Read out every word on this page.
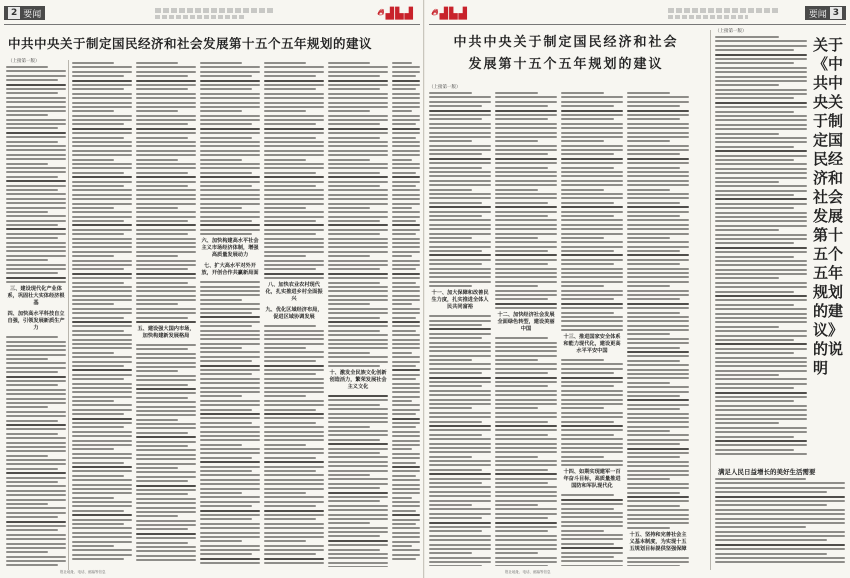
2 要闻	🔥︎ ▟▙▟
中共中央关于制定国民经济和社会发展第十五个五年规划的建议
（上接第一版）
三、建设现代化产业体系，巩固壮大实体经济根基
四、加快高水平科技自立自强，引领发展新质生产力	五、建设强大国内市场，加快构建新发展格局
六、加快构建高水平社会主义市场经济体制，增强高质量发展动力
七、扩大高水平对外开放，开创合作共赢新局面
八、加快农业农村现代化，扎实推进乡村全面振兴
九、优化区域经济布局，促进区域协调发展
十、激发全民族文化创新创造活力，繁荣发展社会主义文化
报社地址、电话、邮编等信息
🔥︎ ▟▙▟	要闻 3
中共中央关于制定国民经济和社会
发展第十五个五年规划的建议
（上接第一版）
（上接第一版）
十一、加大保障和改善民生力度，扎实推进全体人民共同富裕
十二、加快经济社会发展全面绿色转型，建设美丽中国
十三、推进国家安全体系和能力现代化，建设更高水平平安中国
十四、如期实现建军一百年奋斗目标，高质量推进国防和军队现代化
十五、坚持和完善社会主义基本制度，为实现十五五规划目标提供坚强保障
关于《中共中央关于制定国民经济和社会发展第十五个五年规划的建议》的说明
满足人民日益增长的美好生活需要
报社地址、电话、邮编等信息
